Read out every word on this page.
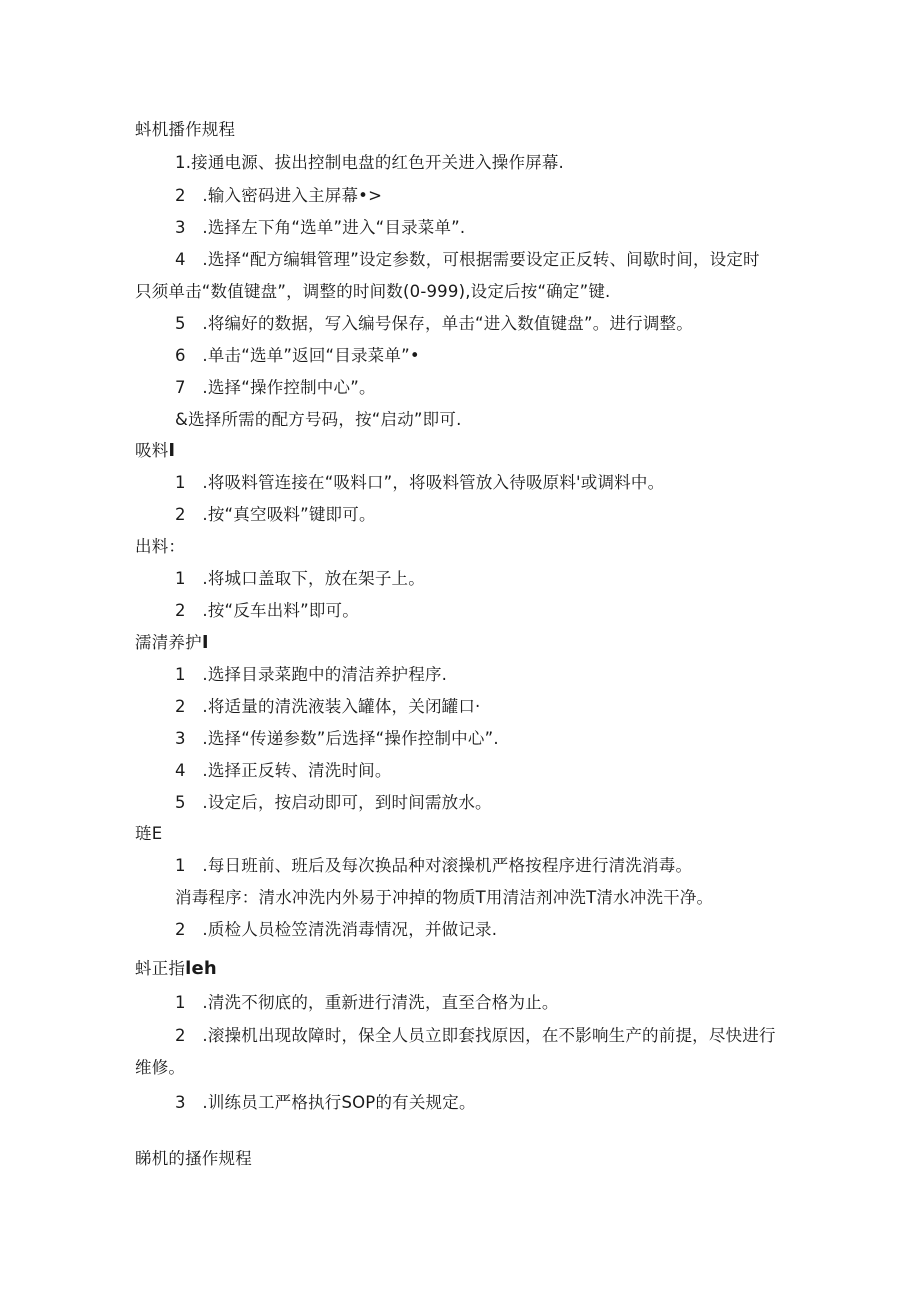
蚪机播作规程
1.接通电源、拔出控制电盘的红色开关进入操作屏幕.
2　.输入密码进入主屏幕•>
3　.选择左下角“选单”进入“目录菜单”.
4　.选择“配方编辑管理”设定参数，可根据需要设定正反转、间歇时间，设定时
只须单击“数值键盘”，调整的时间数(0-999),设定后按“确定”键.
5　.将编好的数据，写入编号保存，单击“进入数值键盘”。进行调整。
6　.单击“选单”返回“目录菜单”•
7　.选择“操作控制中心”。
&选择所需的配方号码，按“启动”即可.
吸料I
1　.将吸料管连接在“吸料口”，将吸料管放入待吸原料'或调料中。
2　.按“真空吸料”键即可。
出料：
1　.将城口盖取下，放在架子上。
2　.按“反车出料”即可。
濡清养护I
1　.选择目录菜跑中的清洁养护程序.
2　.将适量的清洗液装入罐体，关闭罐口·
3　.选择“传递参数”后选择“操作控制中心”.
4　.选择正反转、清洗时间。
5　.设定后，按启动即可，到时间需放水。
琏E
1　.每日班前、班后及每次换品种对滚操机严格按程序进行清洗消毒。
消毒程序：清水冲洗内外易于冲掉的物质T用清洁剂冲洗T清水冲洗干净。
2　.质检人员检笠清洗消毒情况，并做记录.
蚪正指leh
1　.清洗不彻底的，重新进行清洗，直至合格为止。
2　.滚操机出现故障时，保全人员立即套找原因，在不影响生产的前提，尽快进行
维修。
3　.训练员工严格执行SOP的有关规定。
睇机的搔作规程
